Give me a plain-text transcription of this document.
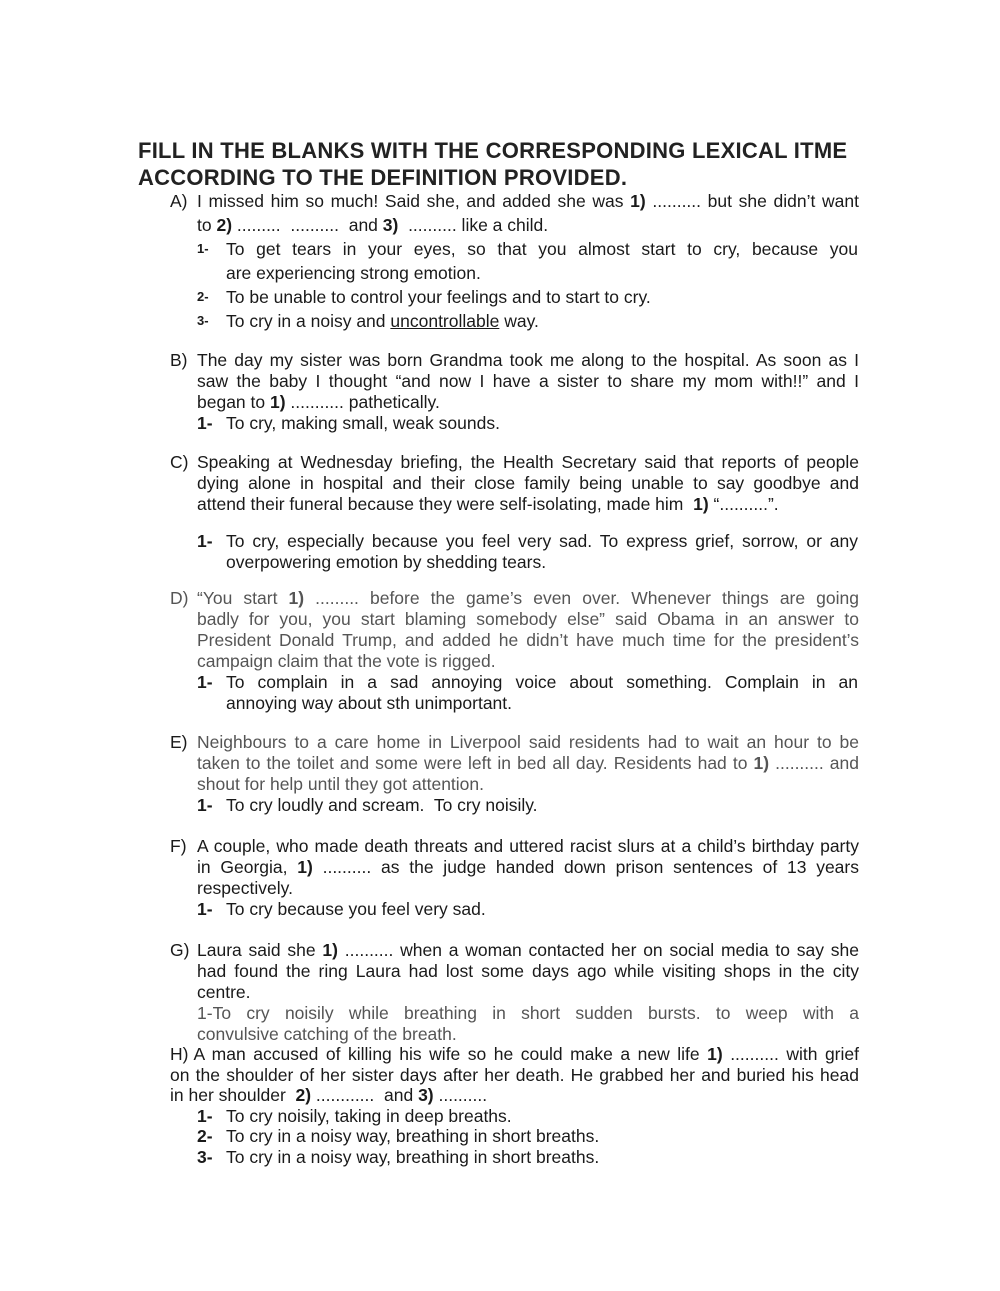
FILL IN THE BLANKS WITH THE CORRESPONDING LEXICAL ITME
ACCORDING TO THE DEFINITION PROVIDED.
A) I missed him so much! Said she, and added she was 1) .......... but she didn’t want
to 2) .........  ..........  and 3)  .......... like a child.
1- To get tears in your eyes, so that you almost start to cry, because you
are experiencing strong emotion.
2- To be unable to control your feelings and to start to cry.
3- To cry in a noisy and uncontrollable way.
B) The day my sister was born Grandma took me along to the hospital. As soon as I
saw the baby I thought “and now I have a sister to share my mom with!!” and I
began to 1) ........... pathetically.
1- To cry, making small, weak sounds.
C) Speaking at Wednesday briefing, the Health Secretary said that reports of people
dying alone in hospital and their close family being unable to say goodbye and
attend their funeral because they were self-isolating, made him  1) “..........”.
1- To cry, especially because you feel very sad. To express grief, sorrow, or any
overpowering emotion by shedding tears.
D) “You start 1) ......... before the game’s even over. Whenever things are going
badly for you, you start blaming somebody else” said Obama in an answer to
President Donald Trump, and added he didn’t have much time for the president’s
campaign claim that the vote is rigged.
1- To complain in a sad annoying voice about something. Complain in an
annoying way about sth unimportant.
E) Neighbours to a care home in Liverpool said residents had to wait an hour to be
taken to the toilet and some were left in bed all day. Residents had to 1) .......... and
shout for help until they got attention.
1- To cry loudly and scream.  To cry noisily.
F) A couple, who made death threats and uttered racist slurs at a child’s birthday party
in Georgia, 1) .......... as the judge handed down prison sentences of 13 years
respectively.
1- To cry because you feel very sad.
G) Laura said she 1) .......... when a woman contacted her on social media to say she
had found the ring Laura had lost some days ago while visiting shops in the city
centre.
1-To cry noisily while breathing in short sudden bursts. to weep with a
convulsive catching of the breath.
H) A man accused of killing his wife so he could make a new life 1) .......... with grief
on the shoulder of her sister days after her death. He grabbed her and buried his head
in her shoulder  2) ............  and 3) ..........
1- To cry noisily, taking in deep breaths.
2- To cry in a noisy way, breathing in short breaths.
3- To cry in a noisy way, breathing in short breaths.
